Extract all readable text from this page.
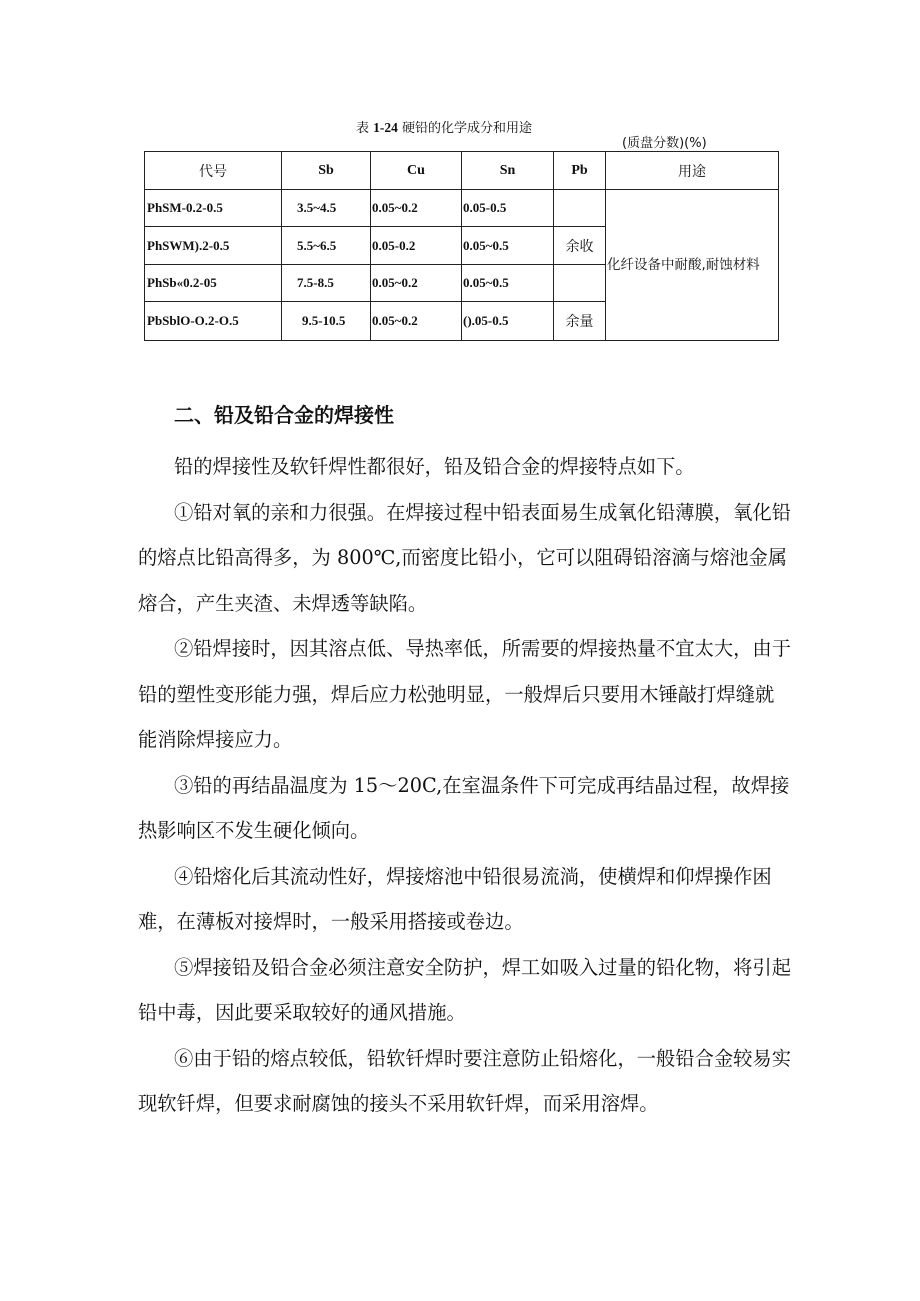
表 1-24 硬铅的化学成分和用途
(质盘分数)(%)
代号	Sb	Cu	Sn	Pb	用途
PhSM-0.2-0.5	3.5~4.5	0.05~0.2	0.05-0.5		化纤设备中耐酸,耐蚀材料
PhSWM).2-0.5	5.5~6.5	0.05-0.2	0.05~0.5	余收	
PhSb«0.2-05	7.5-8.5	0.05~0.2	0.05~0.5		
PbSblO-O.2-O.5	9.5-10.5	0.05~0.2	().05-0.5	余量	
二、铅及铅合金的焊接性

铅的焊接性及软钎焊性都很好，铅及铅合金的焊接特点如下。

①铅对氧的亲和力很强。在焊接过程中铅表面易生成氧化铅薄膜，氧化铅的熔点比铅高得多，为 800℃,而密度比铅小，它可以阻碍铅溶滴与熔池金属熔合，产生夹渣、未焊透等缺陷。

②铅焊接时，因其溶点低、导热率低，所需要的焊接热量不宜太大，由于铅的塑性变形能力强，焊后应力松弛明显，一般焊后只要用木锤敲打焊缝就能消除焊接应力。

③铅的再结晶温度为 15〜20C,在室温条件下可完成再结晶过程，故焊接热影响区不发生硬化倾向。

④铅熔化后其流动性好，焊接熔池中铅很易流淌，使横焊和仰焊操作困难，在薄板对接焊时，一般采用搭接或卷边。

⑤焊接铅及铅合金必须注意安全防护，焊工如吸入过量的铅化物，将引起铅中毒，因此要采取较好的通风措施。

⑥由于铅的熔点较低，铅软钎焊时要注意防止铅熔化，一般铅合金较易实现软钎焊，但要求耐腐蚀的接头不采用软钎焊，而采用溶焊。
